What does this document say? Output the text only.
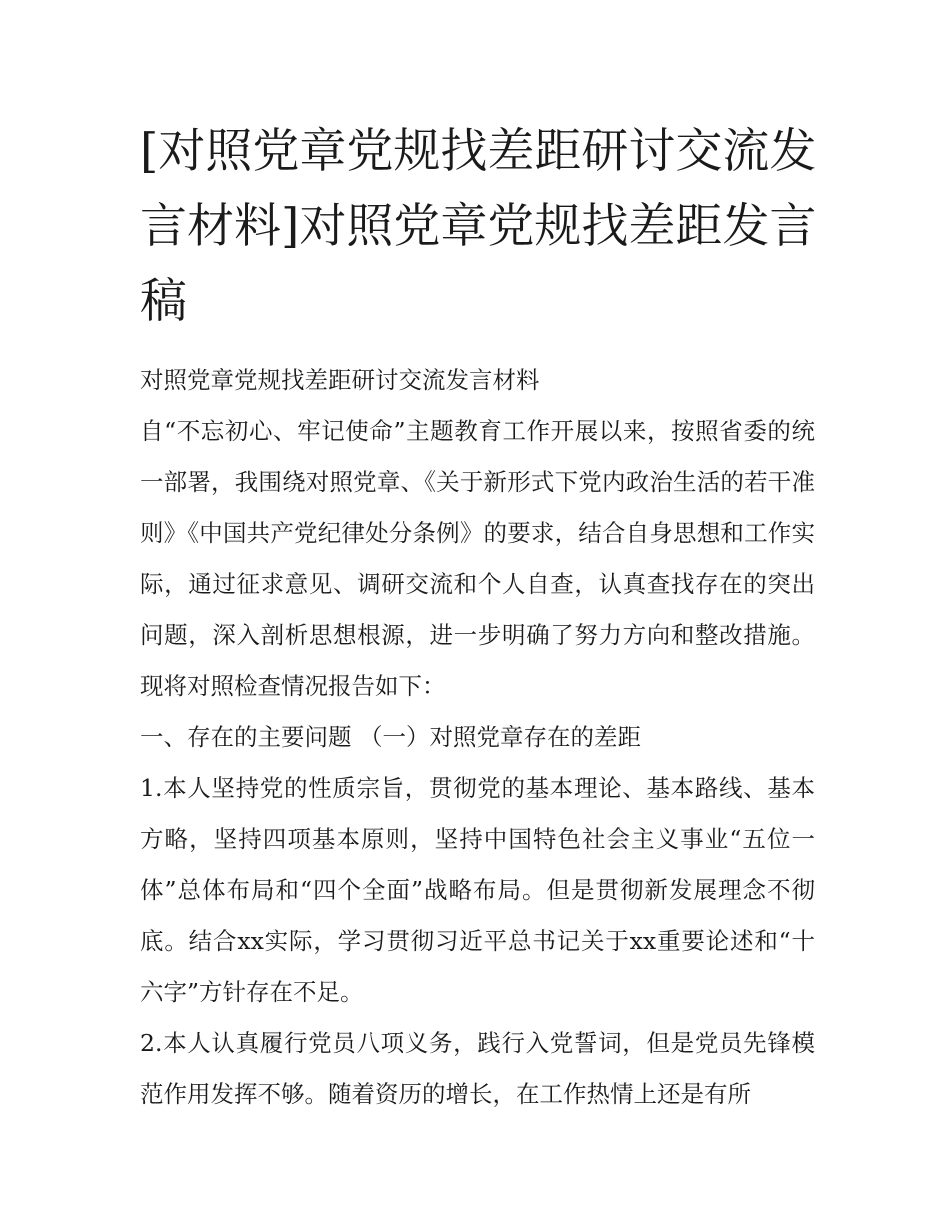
[对照党章党规找差距研讨交流发言材料]对照党章党规找差距发言稿

对照党章党规找差距研讨交流发言材料

自“不忘初心、牢记使命”主题教育工作开展以来，按照省委的统一部署，我围绕对照党章、《关于新形式下党内政治生活的若干准则》《中国共产党纪律处分条例》的要求，结合自身思想和工作实际，通过征求意见、调研交流和个人自查，认真查找存在的突出问题，深入剖析思想根源，进一步明确了努力方向和整改措施。现将对照检查情况报告如下：

一、存在的主要问题 （一）对照党章存在的差距

1.本人坚持党的性质宗旨，贯彻党的基本理论、基本路线、基本方略，坚持四项基本原则，坚持中国特色社会主义事业“五位一体”总体布局和“四个全面”战略布局。但是贯彻新发展理念不彻底。结合xx实际，学习贯彻习近平总书记关于xx重要论述和“十六字”方针存在不足。

2.本人认真履行党员八项义务，践行入党誓词，但是党员先锋模范作用发挥不够。随着资历的增长，在工作热情上还是有所
